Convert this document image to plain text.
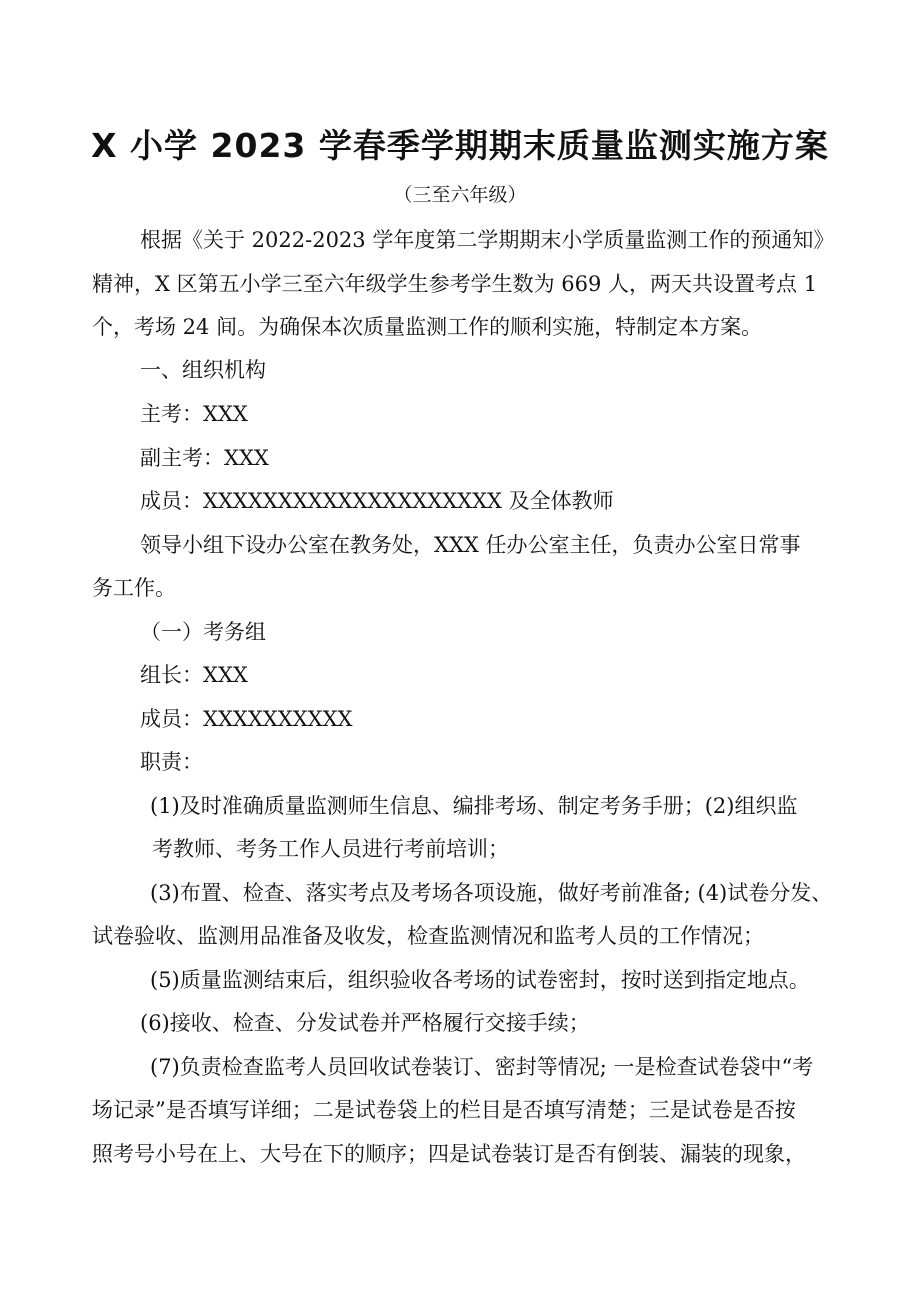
X 小学 2023 学春季学期期末质量监测实施方案
（三至六年级）
根据《关于 2022-2023 学年度第二学期期末小学质量监测工作的预通知》
精神，X 区第五小学三至六年级学生参考学生数为 669 人，两天共设置考点 1
个，考场 24 间。为确保本次质量监测工作的顺利实施，特制定本方案。
一、组织机构
主考：XXX
副主考：XXX
成员：XXXXXXXXXXXXXXXXXXXX 及全体教师
领导小组下设办公室在教务处，XXX 任办公室主任，负责办公室日常事
务工作。
（一）考务组
组长：XXX
成员：XXXXXXXXXX
职责：
(1)及时准确质量监测师生信息、编排考场、制定考务手册；(2)组织监
考教师、考务工作人员进行考前培训；
(3)布置、检查、落实考点及考场各项设施，做好考前准备; (4)试卷分发、
试卷验收、监测用品准备及收发，检查监测情况和监考人员的工作情况；
(5)质量监测结束后，组织验收各考场的试卷密封，按时送到指定地点。
(6)接收、检查、分发试卷并严格履行交接手续；
(7)负责检查监考人员回收试卷装订、密封等情况; 一是检查试卷袋中“考
场记录”是否填写详细；二是试卷袋上的栏目是否填写清楚；三是试卷是否按
照考号小号在上、大号在下的顺序；四是试卷装订是否有倒装、漏装的现象，
